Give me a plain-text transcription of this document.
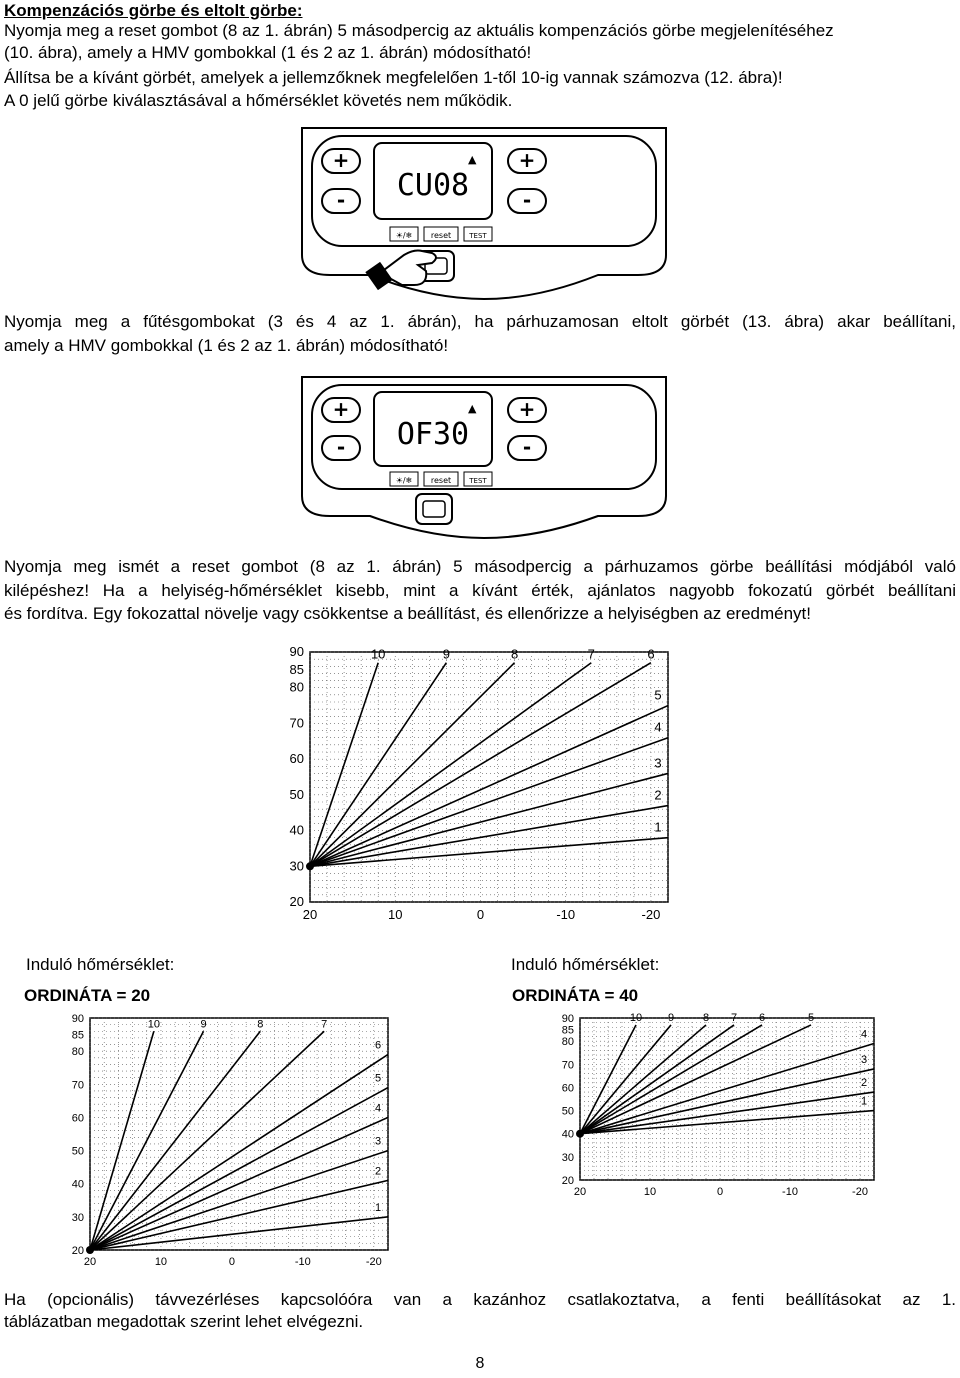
Kompenzációs görbe és eltolt görbe:

Nyomja meg a reset gombot (8 az 1. ábrán) 5 másodpercig az aktuális kompenzációs görbe megjelenítéséhez

(10. ábra), amely a HMV gombokkal (1 és 2 az 1. ábrán) módosítható!

Állítsa be a kívánt görbét, amelyek a jellemzőknek megfelelően 1-től 10-ig vannak számozva (12. ábra)!

A 0 jelű görbe kiválasztásával a hőmérséklet követés nem működik.

+
-
+
-
CU08
▲
☀/❄ reset	TEST

Nyomja meg a fűtésgombokat (3 és 4 az 1. ábrán), ha párhuzamosan eltolt görbét (13. ábra) akar beállítani,

amely a HMV gombokkal (1 és 2 az 1. ábrán) módosítható!

+
-
+
-
OF30
▲
☀/❄ reset	TEST

Nyomja meg ismét a reset gombot (8 az 1. ábrán) 5 másodpercig a párhuzamos görbe beállítási módjából való

kilépéshez! Ha a helyiség-hőmérséklet kisebb, mint a kívánt érték, ajánlatos nagyobb fokozatú görbét beállítani

és fordítva. Egy fokozattal növelje vagy csökkentse a beállítást, és ellenőrizze a helyiségben az eredményt!

90
85
80
70
60
50
40
30
20
20	10	0	-10	-20
1
2
3
4
5
6
7
8
9
10
Induló hőmérséklet:	Induló hőmérséklet:
ORDINÁTA = 20	ORDINÁTA = 40
90
85
80
70
60
50
40
30
20
20	10	0	-10	-20
1
2
3
4
5
6
7
8
9
10	90
85
80
70
60
50
40
30
20
20	10	0	-10	-20
1
2
3
4
5
6
7
8
9
10

Ha (opcionális) távvezérléses kapcsolóóra van a kazánhoz csatlakoztatva, a fenti beállításokat az 1.

táblázatban megadottak szerint lehet elvégezni.

8
